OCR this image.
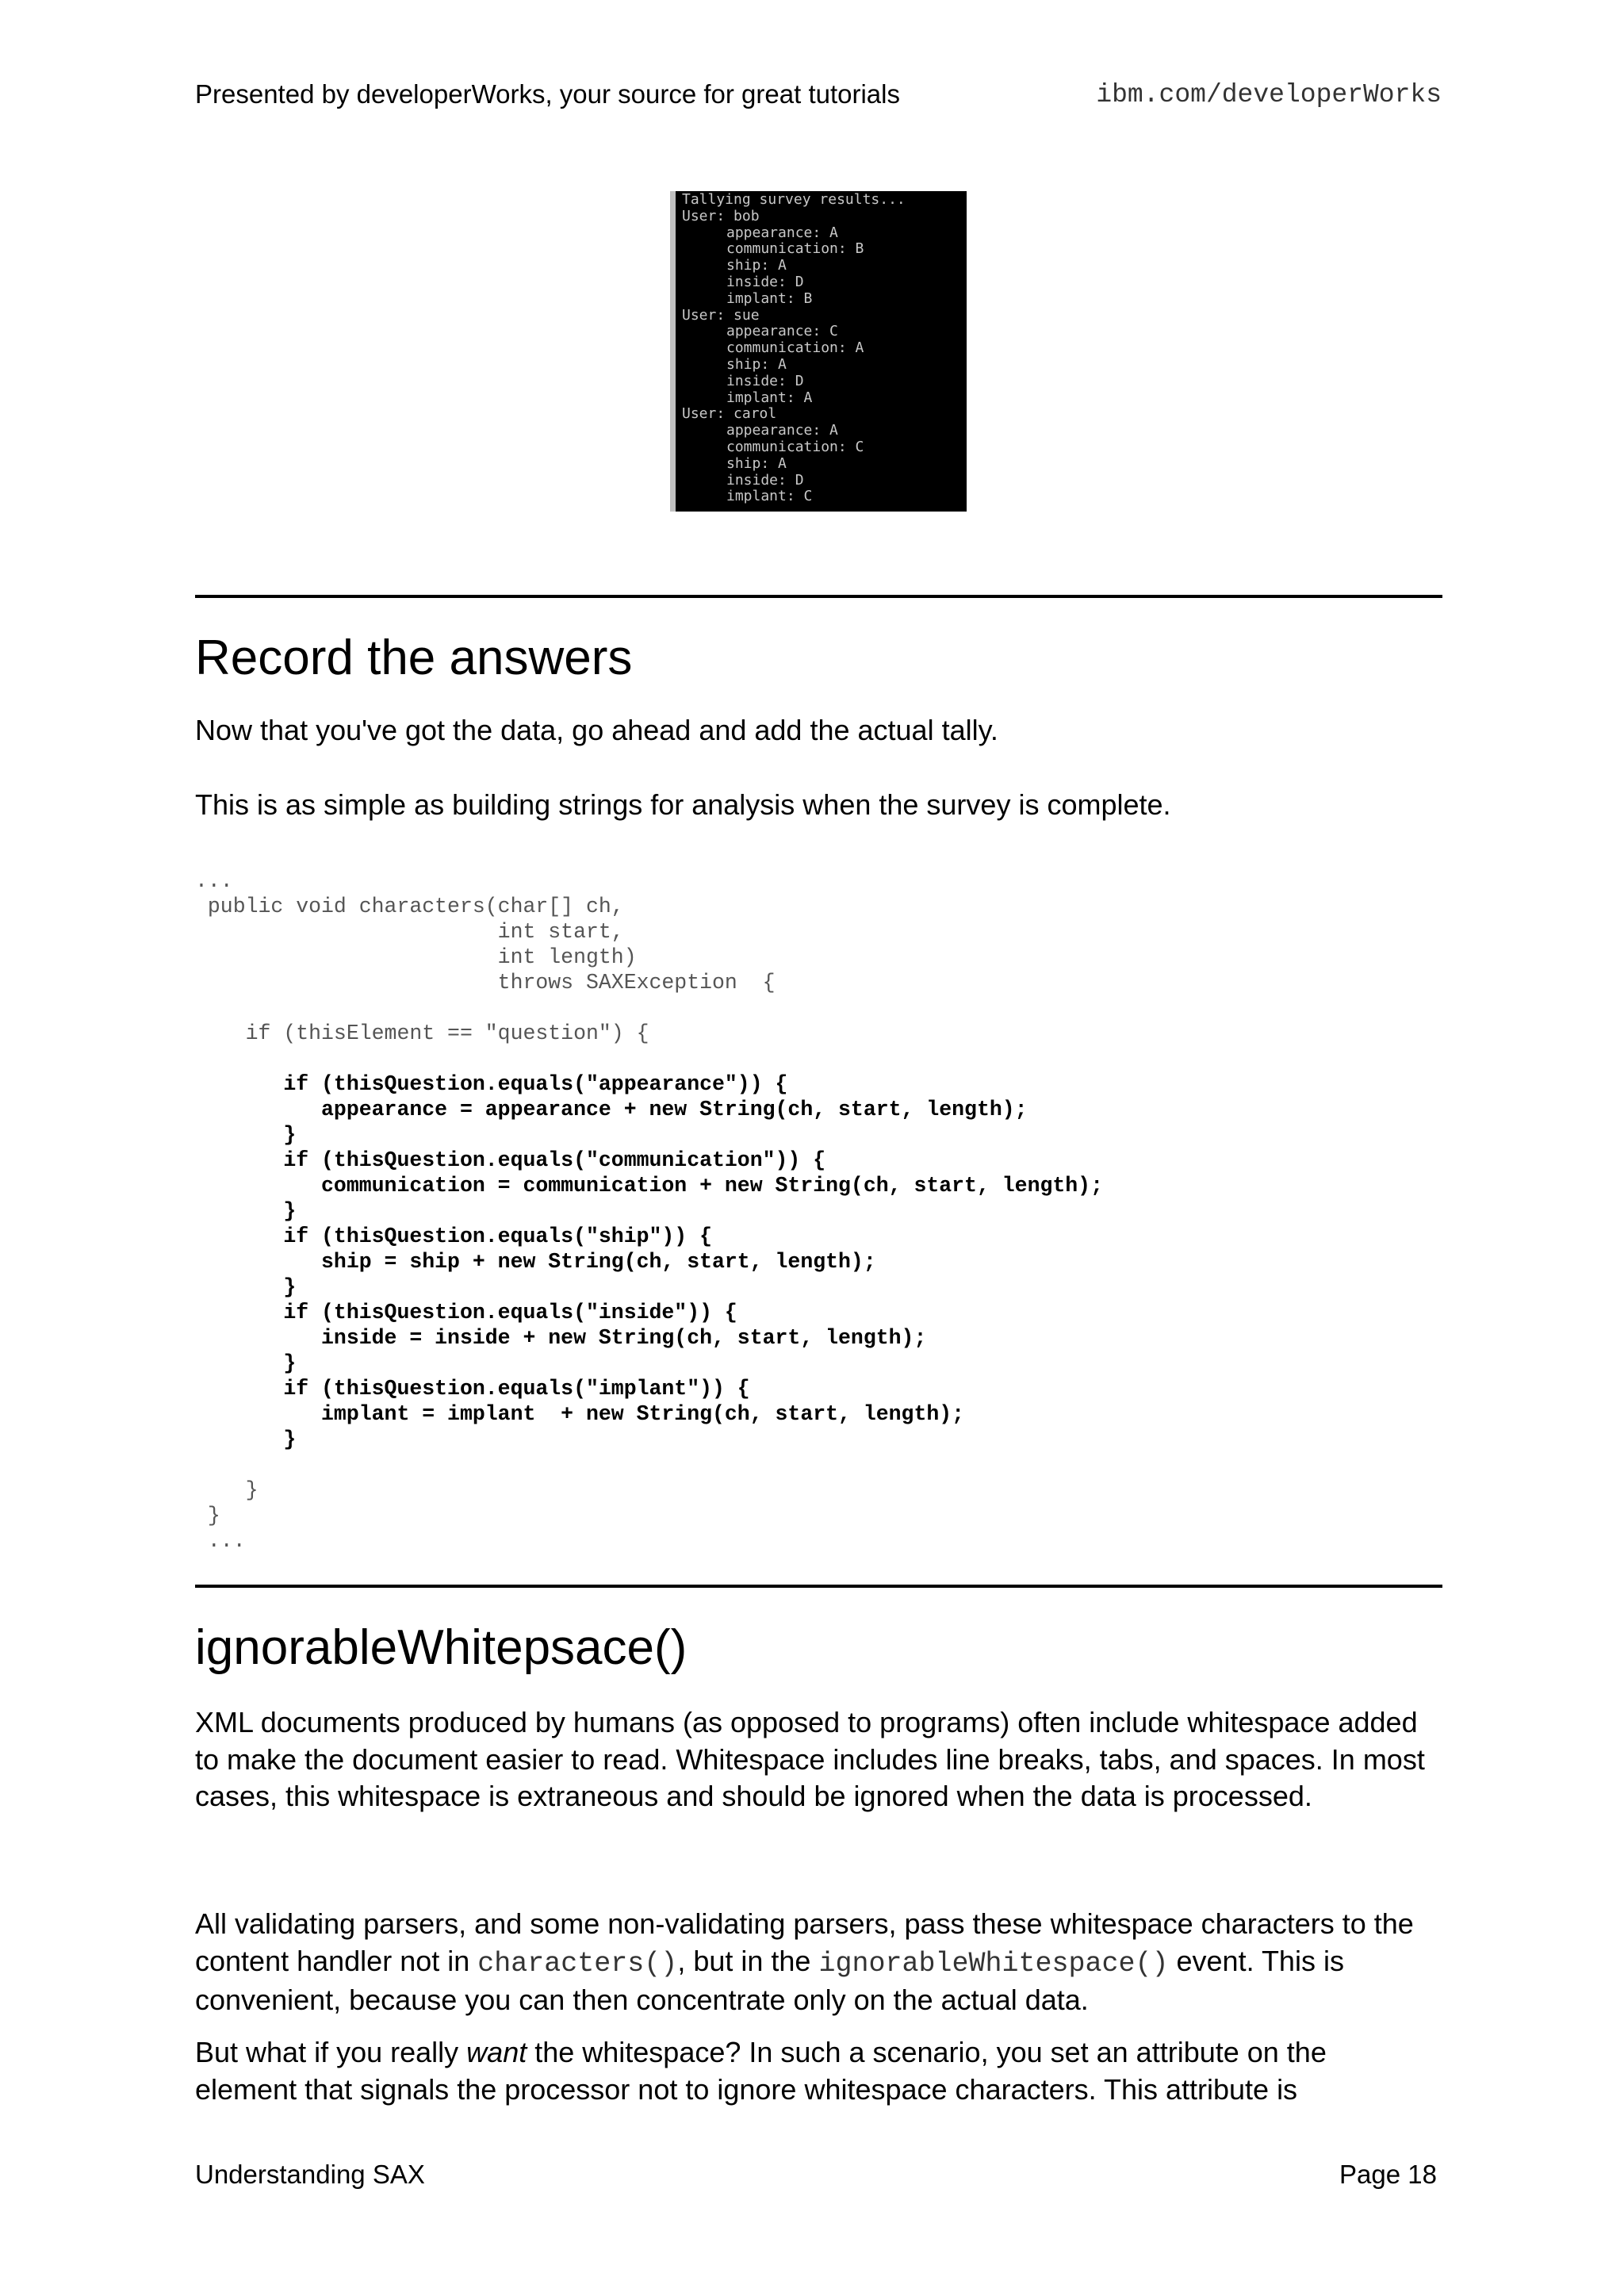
Presented by developerWorks, your source for great tutorials	ibm.com/developerWorks
Tallying survey results...
User: bob
appearance: A
communication: B
ship: A
inside: D
implant: B
User: sue
appearance: C
communication: A
ship: A
inside: D
implant: A
User: carol
appearance: A
communication: C
ship: A
inside: D
implant: C
Record the answers

Now that you've got the data, go ahead and add the actual tally.

This is as simple as building strings for analysis when the survey is complete.

...
public void characters(char[] ch,
int start,
int length)
throws SAXException  {
if (thisElement == "question") {
if (thisQuestion.equals("appearance")) {
appearance = appearance + new String(ch, start, length);
}
if (thisQuestion.equals("communication")) {
communication = communication + new String(ch, start, length);
}
if (thisQuestion.equals("ship")) {
ship = ship + new String(ch, start, length);
}
if (thisQuestion.equals("inside")) {
inside = inside + new String(ch, start, length);
}
if (thisQuestion.equals("implant")) {
implant = implant  + new String(ch, start, length);
}
}
}
...
ignorableWhitepsace()

XML documents produced by humans (as opposed to programs) often include whitespace added to make the document easier to read. Whitespace includes line breaks, tabs, and spaces. In most cases, this whitespace is extraneous and should be ignored when the data is processed.

All validating parsers, and some non-validating parsers, pass these whitespace characters to the content handler not in characters(), but in the ignorableWhitespace() event. This is convenient, because you can then concentrate only on the actual data.

But what if you really want the whitespace? In such a scenario, you set an attribute on the element that signals the processor not to ignore whitespace characters. This attribute is

Understanding SAX	Page 18
